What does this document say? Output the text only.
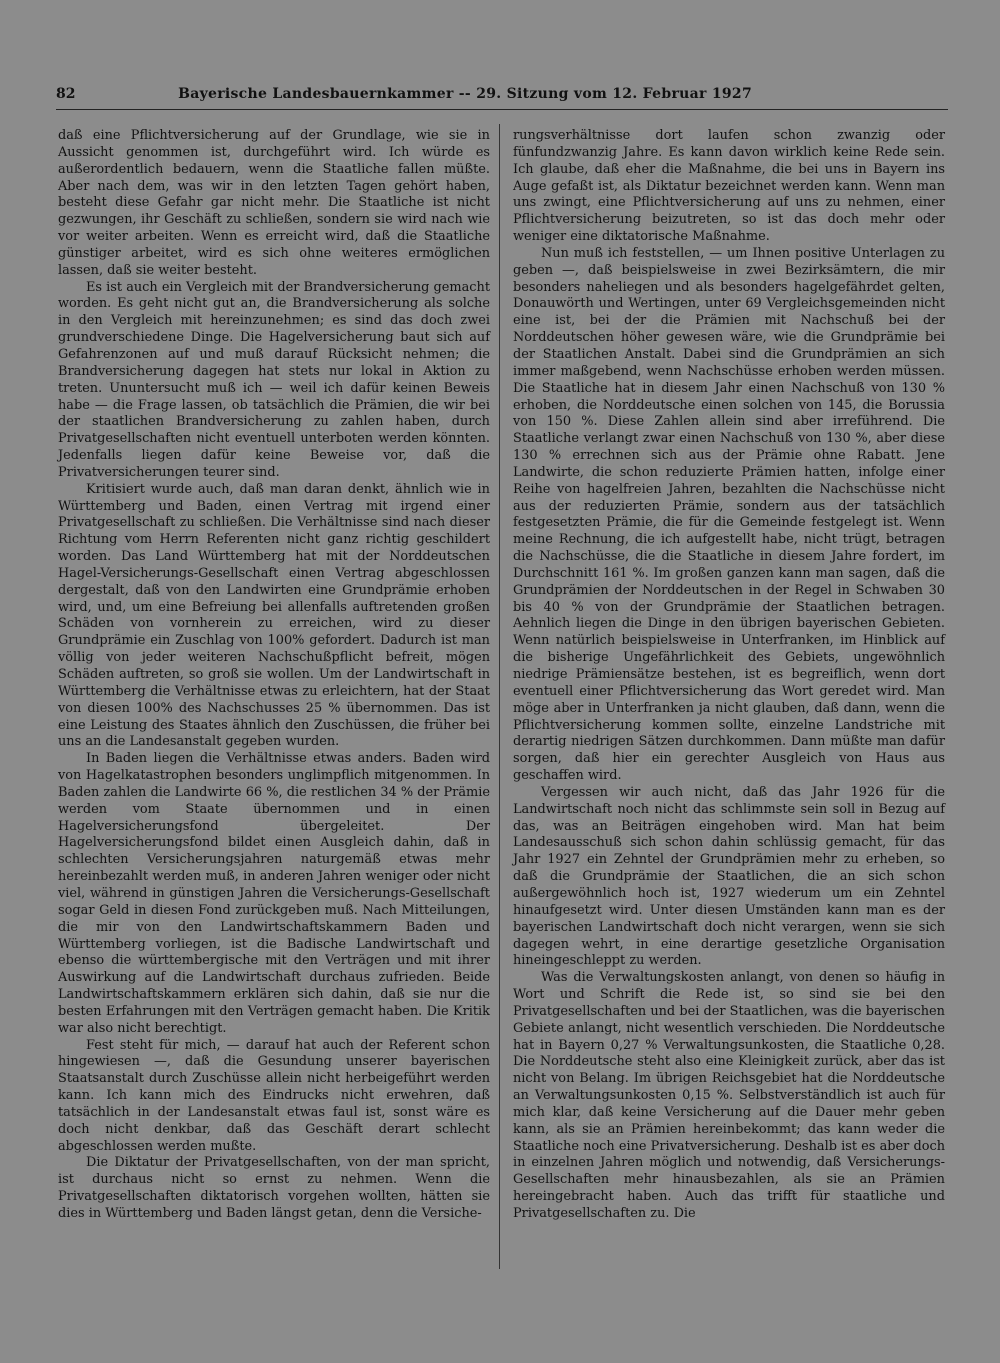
82	Bayerische Landesbauernkammer -- 29. Sitzung vom 12. Februar 1927

daß eine Pflichtversicherung auf der Grundlage, wie sie in Aussicht genommen ist, durchgeführt wird. Ich würde es außerordentlich bedauern, wenn die Staatliche fallen müßte. Aber nach dem, was wir in den letzten Tagen gehört haben, besteht diese Gefahr gar nicht mehr. Die Staatliche ist nicht gezwungen, ihr Geschäft zu schließen, sondern sie wird nach wie vor weiter arbeiten. Wenn es erreicht wird, daß die Staatliche günstiger arbeitet, wird es sich ohne weiteres ermöglichen lassen, daß sie weiter besteht.

Es ist auch ein Vergleich mit der Brandversicherung gemacht worden. Es geht nicht gut an, die Brandversicherung als solche in den Vergleich mit hereinzunehmen; es sind das doch zwei grundverschiedene Dinge. Die Hagelversicherung baut sich auf Gefahrenzonen auf und muß darauf Rücksicht nehmen; die Brandversicherung dagegen hat stets nur lokal in Aktion zu treten. Ununtersucht muß ich — weil ich dafür keinen Beweis habe — die Frage lassen, ob tatsächlich die Prämien, die wir bei der staatlichen Brandversicherung zu zahlen haben, durch Privatgesellschaften nicht eventuell unterboten werden könnten. Jedenfalls liegen dafür keine Beweise vor, daß die Privatversicherungen teurer sind.

Kritisiert wurde auch, daß man daran denkt, ähnlich wie in Württemberg und Baden, einen Vertrag mit irgend einer Privatgesellschaft zu schließen. Die Verhältnisse sind nach dieser Richtung vom Herrn Referenten nicht ganz richtig geschildert worden. Das Land Württemberg hat mit der Norddeutschen Hagel-Versicherungs-Gesellschaft einen Vertrag abgeschlossen dergestalt, daß von den Landwirten eine Grundprämie erhoben wird, und, um eine Befreiung bei allenfalls auftretenden großen Schäden von vornherein zu erreichen, wird zu dieser Grundprämie ein Zuschlag von 100% gefordert. Dadurch ist man völlig von jeder weiteren Nachschußpflicht befreit, mögen Schäden auftreten, so groß sie wollen. Um der Landwirtschaft in Württemberg die Verhältnisse etwas zu erleichtern, hat der Staat von diesen 100% des Nachschusses 25 % übernommen. Das ist eine Leistung des Staates ähnlich den Zuschüssen, die früher bei uns an die Landesanstalt gegeben wurden.

In Baden liegen die Verhältnisse etwas anders. Baden wird von Hagelkatastrophen besonders unglimpflich mitgenommen. In Baden zahlen die Landwirte 66 %, die restlichen 34 % der Prämie werden vom Staate übernommen und in einen Hagelversicherungsfond übergeleitet. Der Hagelversicherungsfond bildet einen Ausgleich dahin, daß in schlechten Versicherungsjahren naturgemäß etwas mehr hereinbezahlt werden muß, in anderen Jahren weniger oder nicht viel, während in günstigen Jahren die Versicherungs-Gesellschaft sogar Geld in diesen Fond zurückgeben muß. Nach Mitteilungen, die mir von den Landwirtschaftskammern Baden und Württemberg vorliegen, ist die Badische Landwirtschaft und ebenso die württembergische mit den Verträgen und mit ihrer Auswirkung auf die Landwirtschaft durchaus zufrieden. Beide Landwirtschaftskammern erklären sich dahin, daß sie nur die besten Erfahrungen mit den Verträgen gemacht haben. Die Kritik war also nicht berechtigt.

Fest steht für mich, — darauf hat auch der Referent schon hingewiesen —, daß die Gesundung unserer bayerischen Staatsanstalt durch Zuschüsse allein nicht herbeigeführt werden kann. Ich kann mich des Eindrucks nicht erwehren, daß tatsächlich in der Landesanstalt etwas faul ist, sonst wäre es doch nicht denkbar, daß das Geschäft derart schlecht abgeschlossen werden mußte.

Die Diktatur der Privatgesellschaften, von der man spricht, ist durchaus nicht so ernst zu nehmen. Wenn die Privatgesellschaften diktatorisch vorgehen wollten, hätten sie dies in Württemberg und Baden längst getan, denn die Versiche-

rungsverhältnisse dort laufen schon zwanzig oder fünfundzwanzig Jahre. Es kann davon wirklich keine Rede sein. Ich glaube, daß eher die Maßnahme, die bei uns in Bayern ins Auge gefaßt ist, als Diktatur bezeichnet werden kann. Wenn man uns zwingt, eine Pflichtversicherung auf uns zu nehmen, einer Pflichtversicherung beizutreten, so ist das doch mehr oder weniger eine diktatorische Maßnahme.

Nun muß ich feststellen, — um Ihnen positive Unterlagen zu geben —, daß beispielsweise in zwei Bezirksämtern, die mir besonders naheliegen und als besonders hagelgefährdet gelten, Donauwörth und Wertingen, unter 69 Vergleichsgemeinden nicht eine ist, bei der die Prämien mit Nachschuß bei der Norddeutschen höher gewesen wäre, wie die Grundprämie bei der Staatlichen Anstalt. Dabei sind die Grundprämien an sich immer maßgebend, wenn Nachschüsse erhoben werden müssen. Die Staatliche hat in diesem Jahr einen Nachschuß von 130 % erhoben, die Norddeutsche einen solchen von 145, die Borussia von 150 %. Diese Zahlen allein sind aber irreführend. Die Staatliche verlangt zwar einen Nachschuß von 130 %, aber diese 130 % errechnen sich aus der Prämie ohne Rabatt. Jene Landwirte, die schon reduzierte Prämien hatten, infolge einer Reihe von hagelfreien Jahren, bezahlten die Nachschüsse nicht aus der reduzierten Prämie, sondern aus der tatsächlich festgesetzten Prämie, die für die Gemeinde festgelegt ist. Wenn meine Rechnung, die ich aufgestellt habe, nicht trügt, betragen die Nachschüsse, die die Staatliche in diesem Jahre fordert, im Durchschnitt 161 %. Im großen ganzen kann man sagen, daß die Grundprämien der Norddeutschen in der Regel in Schwaben 30 bis 40 % von der Grundprämie der Staatlichen betragen. Aehnlich liegen die Dinge in den übrigen bayerischen Gebieten. Wenn natürlich beispielsweise in Unterfranken, im Hinblick auf die bisherige Ungefährlichkeit des Gebiets, ungewöhnlich niedrige Prämiensätze bestehen, ist es begreiflich, wenn dort eventuell einer Pflichtversicherung das Wort geredet wird. Man möge aber in Unterfranken ja nicht glauben, daß dann, wenn die Pflichtversicherung kommen sollte, einzelne Landstriche mit derartig niedrigen Sätzen durchkommen. Dann müßte man dafür sorgen, daß hier ein gerechter Ausgleich von Haus aus geschaffen wird.

Vergessen wir auch nicht, daß das Jahr 1926 für die Landwirtschaft noch nicht das schlimmste sein soll in Bezug auf das, was an Beiträgen eingehoben wird. Man hat beim Landesausschuß sich schon dahin schlüssig gemacht, für das Jahr 1927 ein Zehntel der Grundprämien mehr zu erheben, so daß die Grundprämie der Staatlichen, die an sich schon außergewöhnlich hoch ist, 1927 wiederum um ein Zehntel hinaufgesetzt wird. Unter diesen Umständen kann man es der bayerischen Landwirtschaft doch nicht verargen, wenn sie sich dagegen wehrt, in eine derartige gesetzliche Organisation hineingeschleppt zu werden.

Was die Verwaltungskosten anlangt, von denen so häufig in Wort und Schrift die Rede ist, so sind sie bei den Privatgesellschaften und bei der Staatlichen, was die bayerischen Gebiete anlangt, nicht wesentlich verschieden. Die Norddeutsche hat in Bayern 0,27 % Verwaltungsunkosten, die Staatliche 0,28. Die Norddeutsche steht also eine Kleinigkeit zurück, aber das ist nicht von Belang. Im übrigen Reichsgebiet hat die Norddeutsche an Verwaltungsunkosten 0,15 %. Selbstverständlich ist auch für mich klar, daß keine Versicherung auf die Dauer mehr geben kann, als sie an Prämien hereinbekommt; das kann weder die Staatliche noch eine Privatversicherung. Deshalb ist es aber doch in einzelnen Jahren möglich und notwendig, daß Versicherungs-Gesellschaften mehr hinausbezahlen, als sie an Prämien hereingebracht haben. Auch das trifft für staatliche und Privatgesellschaften zu. Die
